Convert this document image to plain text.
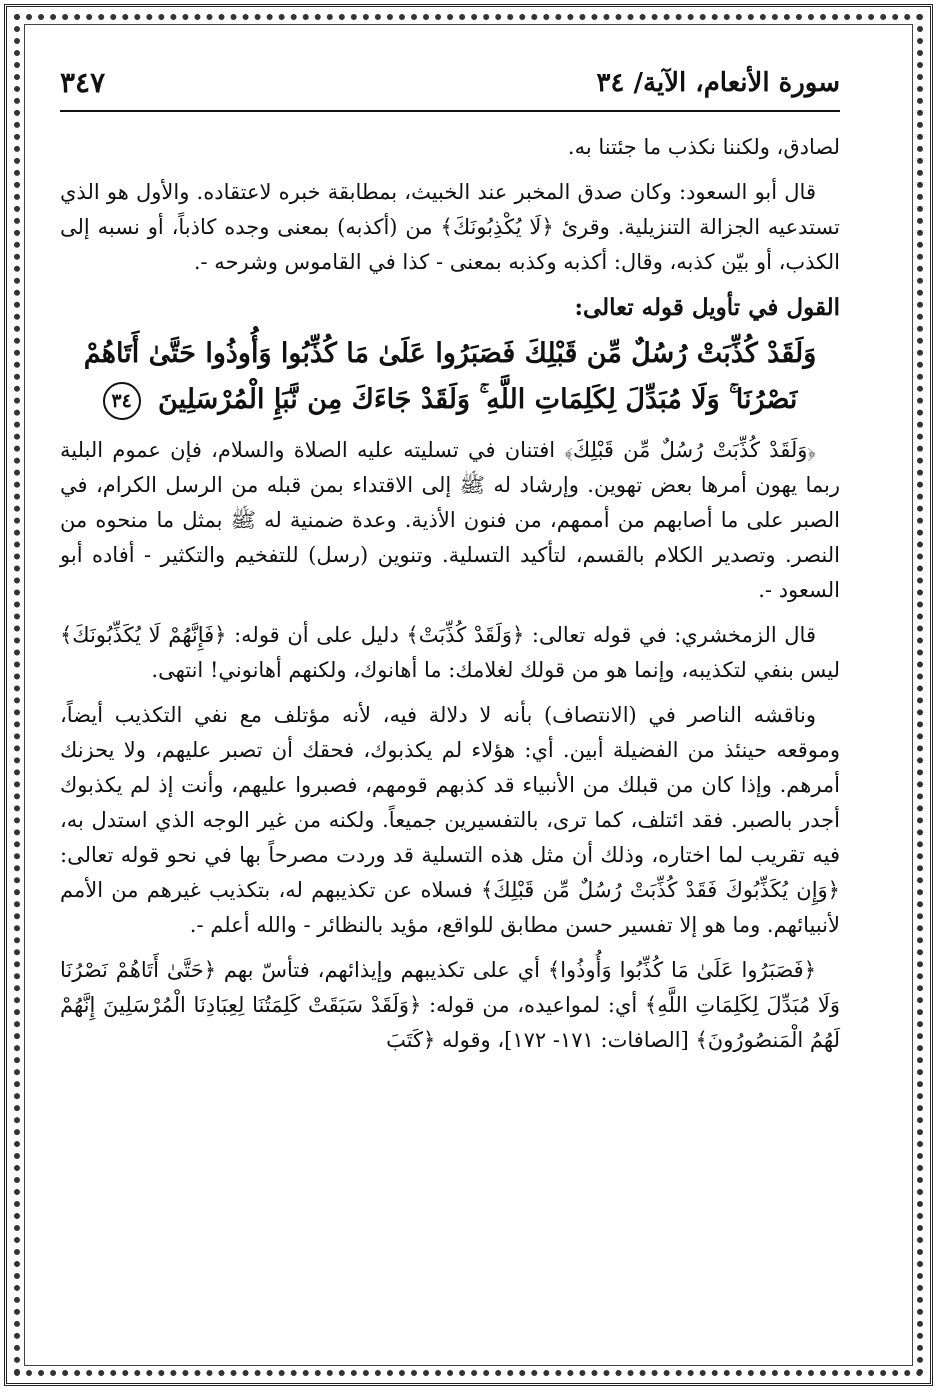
سورة الأنعام، الآية/ ٣٤
٣٤٧

لصادق، ولكننا نكذب ما جئتنا به.

قال أبو السعود: وكان صدق المخبر عند الخبيث، بمطابقة خبره لاعتقاده. والأول هو الذي تستدعيه الجزالة التنزيلية. وقرئ ﴿لَا يُكْذِبُونَكَ﴾ من (أكذبه) بمعنى وجده كاذباً، أو نسبه إلى الكذب، أو بيّن كذبه، وقال: أكذبه وكذبه بمعنى - كذا في القاموس وشرحه -.

القول في تأويل قوله تعالى:

وَلَقَدْ كُذِّبَتْ رُسُلٌ مِّن قَبْلِكَ فَصَبَرُوا عَلَىٰ مَا كُذِّبُوا وَأُوذُوا حَتَّىٰ أَتَاهُمْ نَصْرُنَا ۚ وَلَا مُبَدِّلَ لِكَلِمَاتِ اللَّهِ ۚ وَلَقَدْ جَاءَكَ مِن نَّبَإِ الْمُرْسَلِينَ ٣٤

﴿وَلَقَدْ كُذِّبَتْ رُسُلٌ مِّن قَبْلِكَ﴾ افتنان في تسليته عليه الصلاة والسلام، فإن عموم البلية ربما يهون أمرها بعض تهوين. وإرشاد له ﷺ إلى الاقتداء بمن قبله من الرسل الكرام، في الصبر على ما أصابهم من أممهم، من فنون الأذية. وعدة ضمنية له ﷺ بمثل ما منحوه من النصر. وتصدير الكلام بالقسم، لتأكيد التسلية. وتنوين (رسل) للتفخيم والتكثير - أفاده أبو السعود -.

قال الزمخشري: في قوله تعالى: ﴿وَلَقَدْ كُذِّبَتْ﴾ دليل على أن قوله: ﴿فَإِنَّهُمْ لَا يُكَذِّبُونَكَ﴾ ليس بنفي لتكذيبه، وإنما هو من قولك لغلامك: ما أهانوك، ولكنهم أهانوني! انتهى.

وناقشه الناصر في (الانتصاف) بأنه لا دلالة فيه، لأنه مؤتلف مع نفي التكذيب أيضاً، وموقعه حينئذ من الفضيلة أبين. أي: هؤلاء لم يكذبوك، فحقك أن تصبر عليهم، ولا يحزنك أمرهم. وإذا كان من قبلك من الأنبياء قد كذبهم قومهم، فصبروا عليهم، وأنت إذ لم يكذبوك أجدر بالصبر. فقد ائتلف، كما ترى، بالتفسيرين جميعاً. ولكنه من غير الوجه الذي استدل به، فيه تقريب لما اختاره، وذلك أن مثل هذه التسلية قد وردت مصرحاً بها في نحو قوله تعالى: ﴿وَإِن يُكَذِّبُوكَ فَقَدْ كُذِّبَتْ رُسُلٌ مِّن قَبْلِكَ﴾ فسلاه عن تكذيبهم له، بتكذيب غيرهم من الأمم لأنبيائهم. وما هو إلا تفسير حسن مطابق للواقع، مؤيد بالنظائر - والله أعلم -.

﴿فَصَبَرُوا عَلَىٰ مَا كُذِّبُوا وَأُوذُوا﴾ أي على تكذيبهم وإيذائهم، فتأسّ بهم ﴿حَتَّىٰ أَتَاهُمْ نَصْرُنَا وَلَا مُبَدِّلَ لِكَلِمَاتِ اللَّهِ﴾ أي: لمواعيده، من قوله: ﴿وَلَقَدْ سَبَقَتْ كَلِمَتُنَا لِعِبَادِنَا الْمُرْسَلِينَ إِنَّهُمْ لَهُمُ الْمَنصُورُونَ﴾ [الصافات: ١٧١- ١٧٢]، وقوله ﴿كَتَبَ
